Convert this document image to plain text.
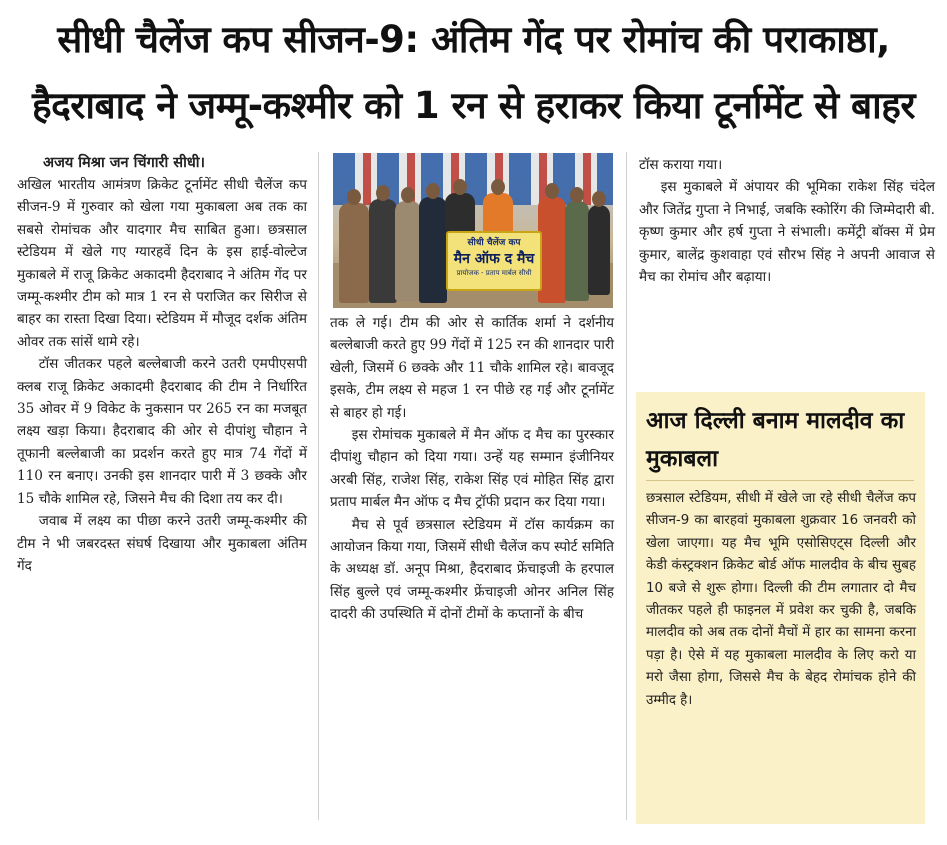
सीधी चैलेंज कप सीजन-9: अंतिम गेंद पर रोमांच की पराकाष्ठा,
हैदराबाद ने जम्मू-कश्मीर को 1 रन से हराकर किया टूर्नामेंट से बाहर

अजय मिश्रा जन चिंगारी सीधी।

अखिल भारतीय आमंत्रण क्रिकेट टूर्नामेंट सीधी चैलेंज कप सीजन-9 में गुरुवार को खेला गया मुकाबला अब तक का सबसे रोमांचक और यादगार मैच साबित हुआ। छत्रसाल स्टेडियम में खेले गए ग्यारहवें दिन के इस हाई-वोल्टेज मुकाबले में राजू क्रिकेट अकादमी हैदराबाद ने अंतिम गेंद पर जम्मू-कश्मीर टीम को मात्र 1 रन से पराजित कर सिरीज से बाहर का रास्ता दिखा दिया। स्टेडियम में मौजूद दर्शक अंतिम ओवर तक सांसें थामे रहे।

टॉस जीतकर पहले बल्लेबाजी करने उतरी एमपीएसपी क्लब राजू क्रिकेट अकादमी हैदराबाद की टीम ने निर्धारित 35 ओवर में 9 विकेट के नुकसान पर 265 रन का मजबूत लक्ष्य खड़ा किया। हैदराबाद की ओर से दीपांशु चौहान ने तूफानी बल्लेबाजी का प्रदर्शन करते हुए मात्र 74 गेंदों में 110 रन बनाए। उनकी इस शानदार पारी में 3 छक्के और 15 चौके शामिल रहे, जिसने मैच की दिशा तय कर दी।

जवाब में लक्ष्य का पीछा करने उतरी जम्मू-कश्मीर की टीम ने भी जबरदस्त संघर्ष दिखाया और मुकाबला अंतिम गेंद

सीधी चैलेंज कप
मैन ऑफ द मैच
प्रायोजक - प्रताप मार्बल सीधी

तक ले गई। टीम की ओर से कार्तिक शर्मा ने दर्शनीय बल्लेबाजी करते हुए 99 गेंदों में 125 रन की शानदार पारी खेली, जिसमें 6 छक्के और 11 चौके शामिल रहे। बावजूद इसके, टीम लक्ष्य से महज 1 रन पीछे रह गई और टूर्नामेंट से बाहर हो गई।

इस रोमांचक मुकाबले में मैन ऑफ द मैच का पुरस्कार दीपांशु चौहान को दिया गया। उन्हें यह सम्मान इंजीनियर अरबी सिंह, राजेश सिंह, राकेश सिंह एवं मोहित सिंह द्वारा प्रताप मार्बल मैन ऑफ द मैच ट्रॉफी प्रदान कर दिया गया।

मैच से पूर्व छत्रसाल स्टेडियम में टॉस कार्यक्रम का आयोजन किया गया, जिसमें सीधी चैलेंज कप स्पोर्ट समिति के अध्यक्ष डॉ. अनूप मिश्रा, हैदराबाद फ्रेंचाइजी के हरपाल सिंह बुल्ले एवं जम्मू-कश्मीर फ्रेंचाइजी ओनर अनिल सिंह दादरी की उपस्थिति में दोनों टीमों के कप्तानों के बीच

टॉस कराया गया।

इस मुकाबले में अंपायर की भूमिका राकेश सिंह चंदेल और जितेंद्र गुप्ता ने निभाई, जबकि स्कोरिंग की जिम्मेदारी बी. कृष्ण कुमार और हर्ष गुप्ता ने संभाली। कमेंट्री बॉक्स में प्रेम कुमार, बालेंद्र कुशवाहा एवं सौरभ सिंह ने अपनी आवाज से मैच का रोमांच और बढ़ाया।

आज दिल्ली बनाम मालदीव का मुकाबला
छत्रसाल स्टेडियम, सीधी में खेले जा रहे सीधी चैलेंज कप सीजन-9 का बारहवां मुकाबला शुक्रवार 16 जनवरी को खेला जाएगा। यह मैच भूमि एसोसिएट्स दिल्ली और केडी कंस्ट्रक्शन क्रिकेट बोर्ड ऑफ मालदीव के बीच सुबह 10 बजे से शुरू होगा। दिल्ली की टीम लगातार दो मैच जीतकर पहले ही फाइनल में प्रवेश कर चुकी है, जबकि मालदीव को अब तक दोनों मैचों में हार का सामना करना पड़ा है। ऐसे में यह मुकाबला मालदीव के लिए करो या मरो जैसा होगा, जिससे मैच के बेहद रोमांचक होने की उम्मीद है।
